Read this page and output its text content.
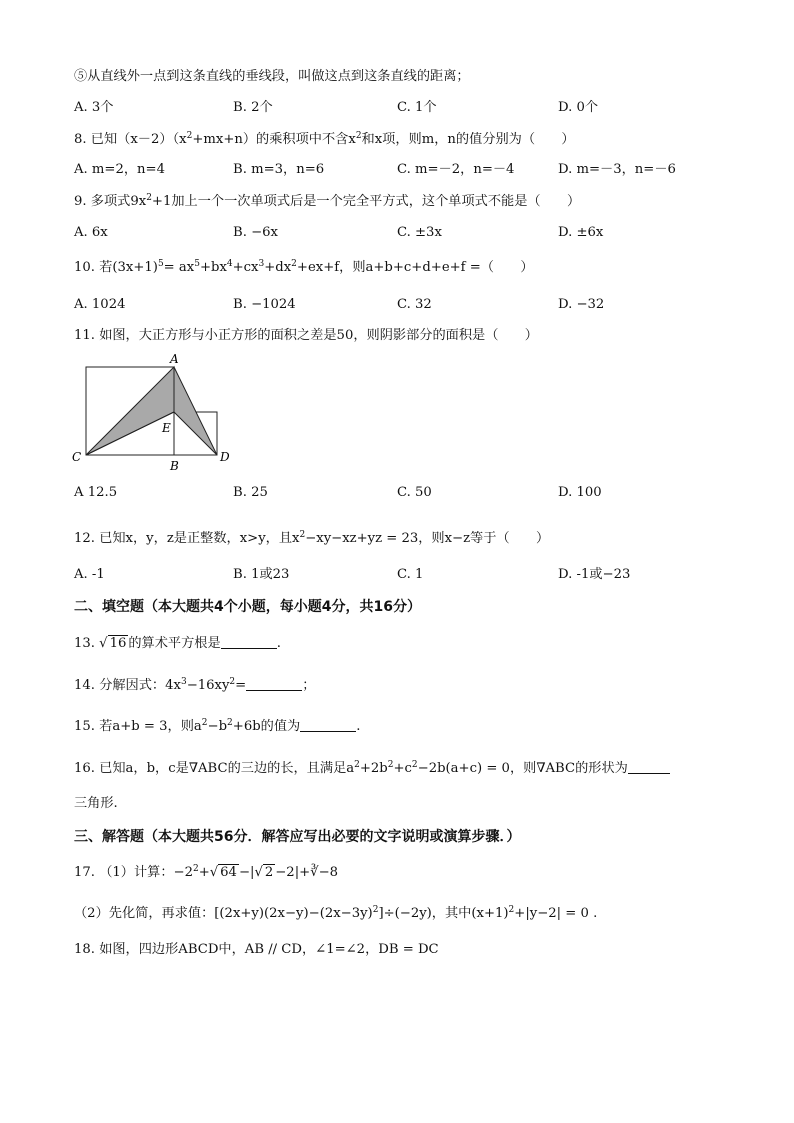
⑤从直线外一点到这条直线的垂线段，叫做这点到这条直线的距离；
A. 3个	B. 2个	C. 1个	D. 0个
8. 已知$(x-2)(x^2+mx+n)$的乘积项中不含$x^2$和x项，则m，n的值分别为（　　）
A. m=2，n=4	B. m=3，n=6	C. m=－2，n=－4	D. m=－3，n=－6
9. 多项式$9x^2+1$加上一个一次单项式后是一个完全平方式，这个单项式不能是（　　）
A. 6x	B. −6x	C. ±3x	D. ±6x
10. 若$(3x+1)^5= ax^5+bx^4+cx^3+dx^2+ex+f$，则a+b+c+d+e+f =（　　）
A. 1024	B. −1024	C. 32	D. −32
11. 如图，大正方形与小正方形的面积之差是50，则阴影部分的面积是（　　）
A
E
C
B
D
A 12.5	B. 25	C. 50	D. 100
12. 已知x，y，z是正整数，x>y，且$x^2-xy-xz+yz = 23$，则x−z等于（　　）
A. -1	B. 1或23	C. 1	D. -1或−23
二、填空题（本大题共4个小题，每小题4分，共16分）
13. √ 16 的算术平方根是	.
14. 分解因式：$4x^3-16xy^2=$	；
15. 若a+b = 3，则$a^2-b^2+6b$的值为	.
16. 已知a，b，c是∇ABC的三边的长，且满足$a^2+2b^2+c^2-2b(a+c) = 0$，则∇ABC的形状为
三角形.
三、解答题（本大题共56分．解答应写出必要的文字说明或演算步骤．）
17. （1）计算：$-2^2+√$ 64 −|√ 2 −2|+∛−8
（2）先化简，再求值：$[(2x+y)(2x-y)-(2x-3y)^2]\div(-2y)$，其中$(x+1)^2+|y-2| = 0$ .
18. 如图，四边形ABCD中，AB // CD，∠1=∠2，DB = DC
